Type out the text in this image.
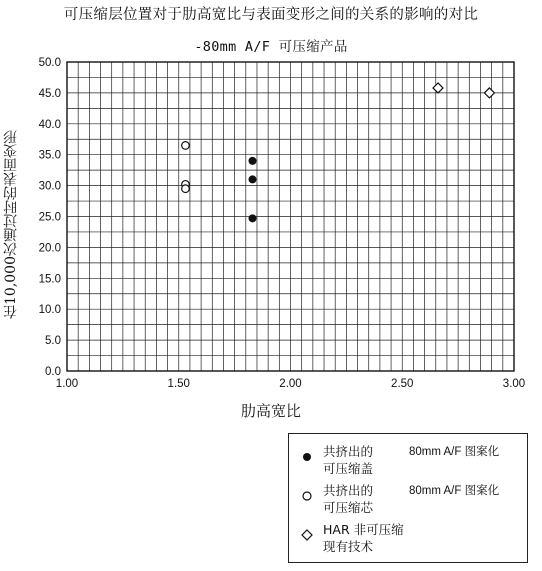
可压缩层位置对于肋高宽比与表面变形之间的关系的影响的对比
-80mm A/F 可压缩产品
0.0
5.0
10.0
15.0
20.0
25.0
30.0
35.0
40.0
45.0
50.0
1.00	1.50	2.00	2.50	3.00
在10,000次通过时的表面变形
肋高宽比
共挤出的	80mm A/F 图案化
可压缩盖
共挤出的	80mm A/F 图案化
可压缩芯
HAR 非可压缩
现有技术
